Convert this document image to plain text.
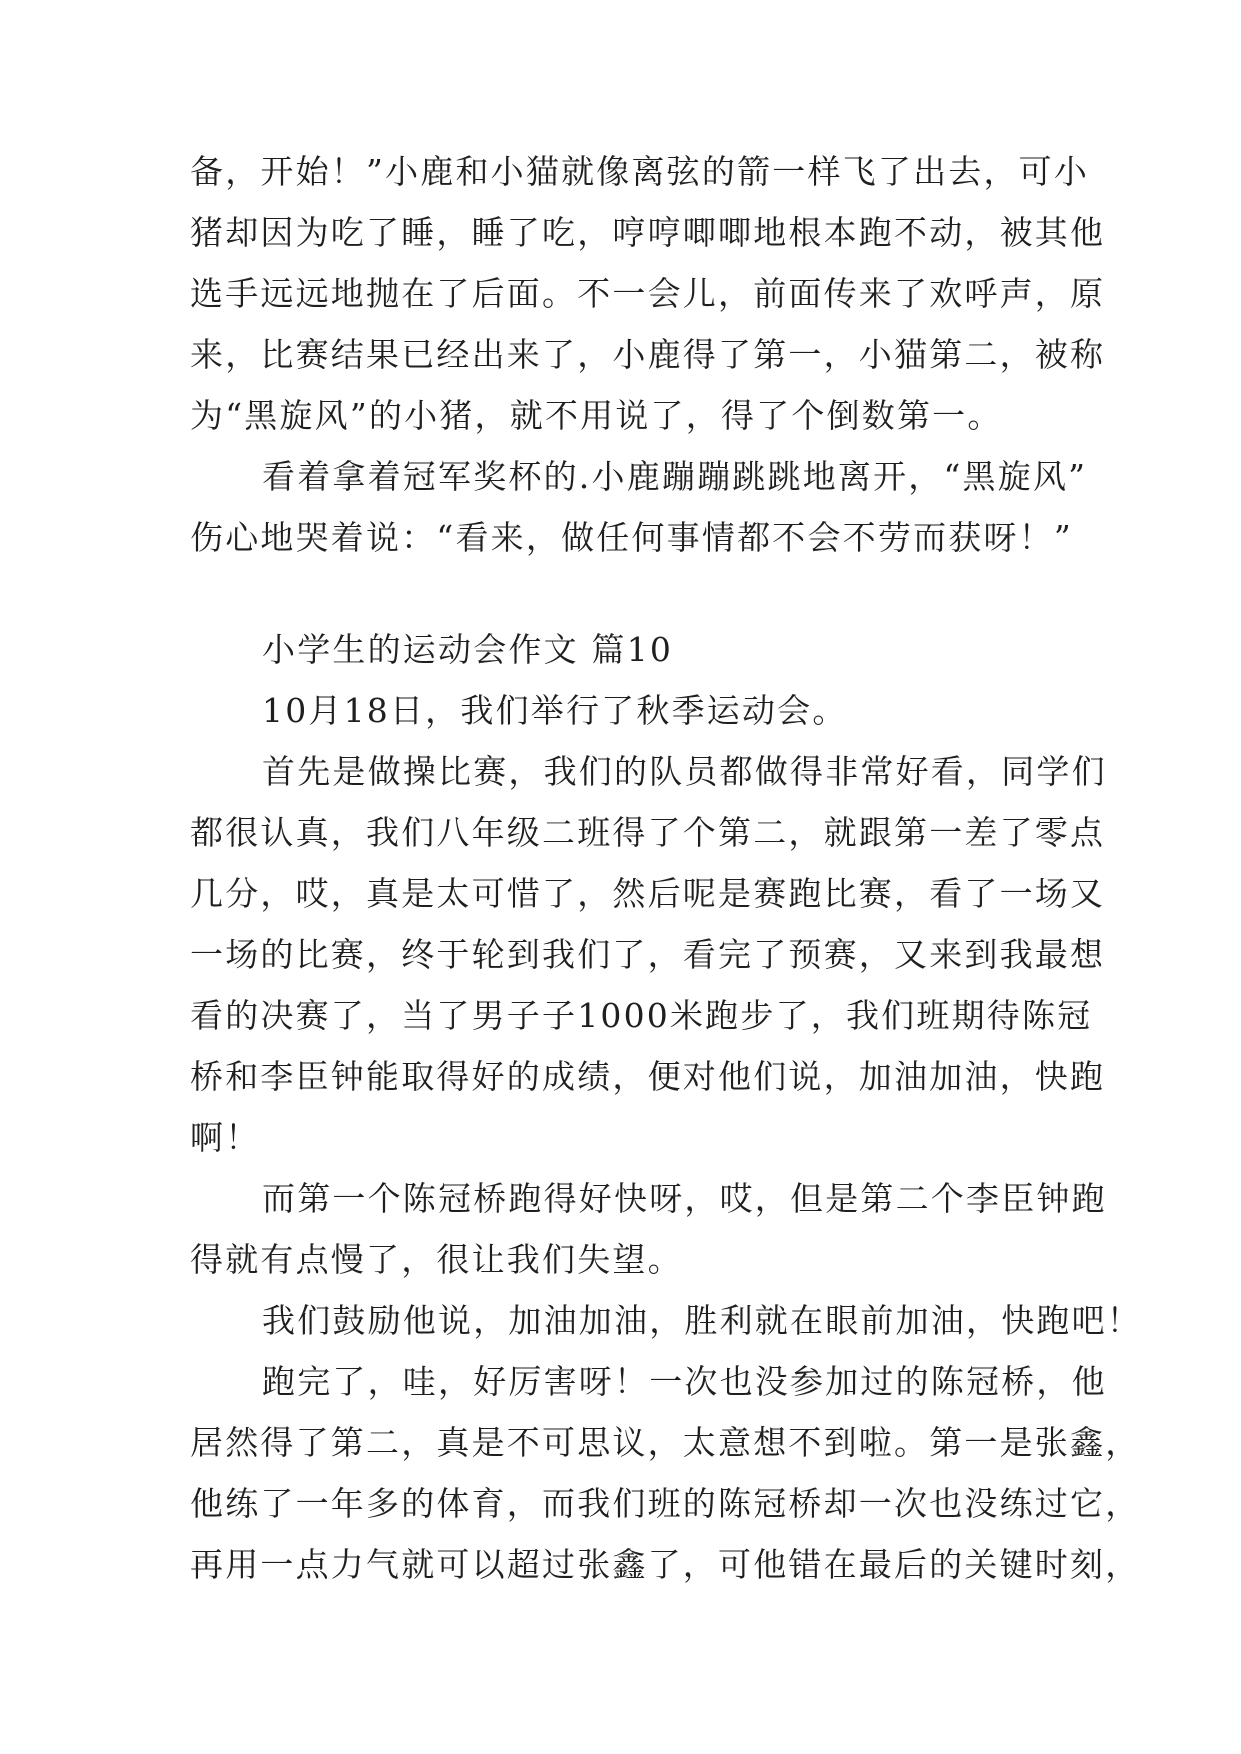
备，开始！”小鹿和小猫就像离弦的箭一样飞了出去，可小
猪却因为吃了睡，睡了吃，哼哼唧唧地根本跑不动，被其他
选手远远地抛在了后面。不一会儿，前面传来了欢呼声，原
来，比赛结果已经出来了，小鹿得了第一，小猫第二，被称
为“黑旋风”的小猪，就不用说了，得了个倒数第一。
看着拿着冠军奖杯的.小鹿蹦蹦跳跳地离开，“黑旋风”
伤心地哭着说：“看来，做任何事情都不会不劳而获呀！”
小学生的运动会作文 篇10
10月18日，我们举行了秋季运动会。
首先是做操比赛，我们的队员都做得非常好看，同学们
都很认真，我们八年级二班得了个第二，就跟第一差了零点
几分，哎，真是太可惜了，然后呢是赛跑比赛，看了一场又
一场的比赛，终于轮到我们了，看完了预赛，又来到我最想
看的决赛了，当了男子子1000米跑步了，我们班期待陈冠
桥和李臣钟能取得好的成绩，便对他们说，加油加油，快跑
啊！
而第一个陈冠桥跑得好快呀，哎，但是第二个李臣钟跑
得就有点慢了，很让我们失望。
我们鼓励他说，加油加油，胜利就在眼前加油，快跑吧！
跑完了，哇，好厉害呀！一次也没参加过的陈冠桥，他
居然得了第二，真是不可思议，太意想不到啦。第一是张鑫，
他练了一年多的体育，而我们班的陈冠桥却一次也没练过它，
再用一点力气就可以超过张鑫了，可他错在最后的关键时刻，
